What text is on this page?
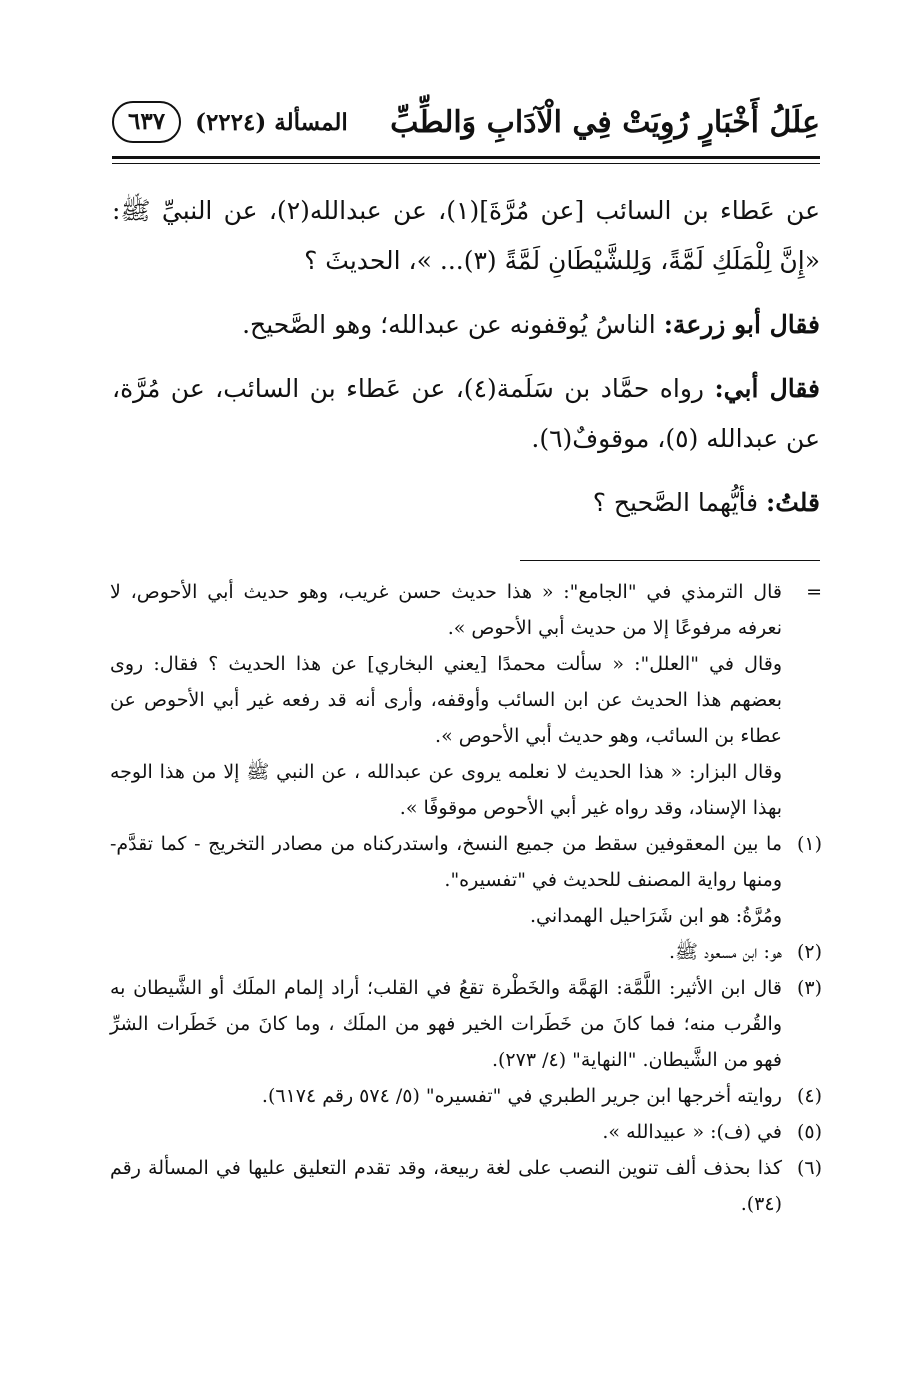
عِلَلُ أَخْبَارٍ رُوِيَتْ فِي الْآدَابِ وَالطِّبِّ
المسألة (٢٢٢٤)
٦٣٧

عن عَطاء بن السائب [عن مُرَّةَ](١)، عن عبدالله(٢)، عن النبيِّ ﷺ: «إِنَّ لِلْمَلَكِ لَمَّةً، وَلِلشَّيْطَانِ لَمَّةً (٣)... »، الحديثَ ؟

فقال أبو زرعة: الناسُ يُوقفونه عن عبدالله؛ وهو الصَّحيح.

فقال أبي: رواه حمَّاد بن سَلَمة(٤)، عن عَطاء بن السائب، عن مُرَّة، عن عبدالله (٥)، موقوفٌ(٦).

قلتُ: فأيُّهما الصَّحيح ؟

=

قال الترمذي في "الجامع": « هذا حديث حسن غريب، وهو حديث أبي الأحوص، لا نعرفه مرفوعًا إلا من حديث أبي الأحوص ».

وقال في "العلل": « سألت محمدًا [يعني البخاري] عن هذا الحديث ؟ فقال: روى بعضهم هذا الحديث عن ابن السائب وأوقفه، وأرى أنه قد رفعه غير أبي الأحوص عن عطاء بن السائب، وهو حديث أبي الأحوص ».

وقال البزار: « هذا الحديث لا نعلمه يروى عن عبدالله ، عن النبي ﷺ إلا من هذا الوجه بهذا الإسناد، وقد رواه غير أبي الأحوص موقوفًا ».

(١)

ما بين المعقوفين سقط من جميع النسخ، واستدركناه من مصادر التخريج - كما تقدَّم- ومنها رواية المصنف للحديث في "تفسيره".

ومُرَّةُ: هو ابن شَرَاحيل الهمداني.

(٢)

هو: ابن مسعود ﷺ.

(٣)

قال ابن الأثير: اللَّمَّة: الهَمَّة والخَطْرة تقعُ في القلب؛ أراد إلمام الملَك أو الشَّيطان به والقُرب منه؛ فما كانَ من خَطَرات الخير فهو من الملَك ، وما كانَ من خَطَرات الشرِّ فهو من الشَّيطان. "النهاية" (٤/ ٢٧٣).

(٤)

روايته أخرجها ابن جرير الطبري في "تفسيره" (٥/ ٥٧٤ رقم ٦١٧٤).

(٥)

في (ف): « عبيدالله ».

(٦)

كذا بحذف ألف تنوين النصب على لغة ربيعة، وقد تقدم التعليق عليها في المسألة رقم (٣٤).
